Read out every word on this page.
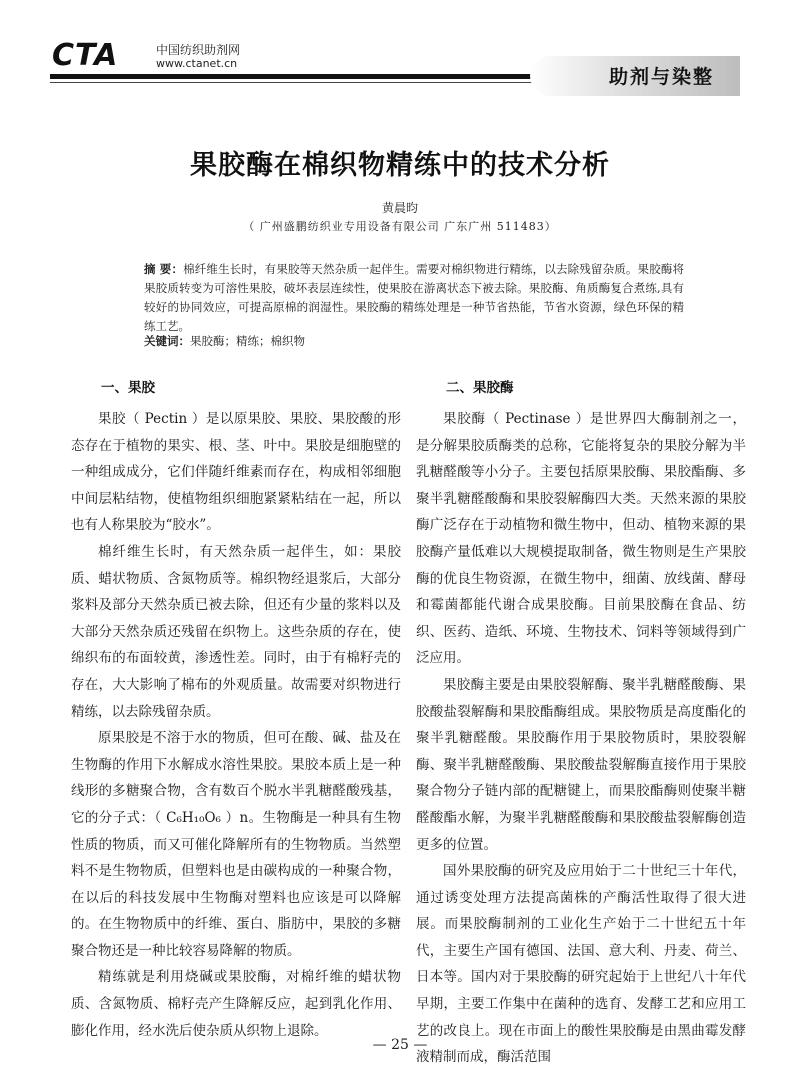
CTA	中国纺织助剂网
www.ctanet.cn
助剂与染整
果胶酶在棉织物精练中的技术分析
黄晨昀
（ 广州盛鹏纺织业专用设备有限公司 广东广州 511483）
摘 要：棉纤维生长时，有果胶等天然杂质一起伴生。需要对棉织物进行精练，以去除残留杂质。果胶酶将果胶质转变为可溶性果胶，破坏表层连续性，使果胶在游离状态下被去除。果胶酶、角质酶复合煮练,具有较好的协同效应，可提高原棉的润湿性。果胶酶的精练处理是一种节省热能，节省水资源，绿色环保的精练工艺。
关键词：果胶酶；精练；棉织物
一、果胶

果胶（ Pectin ）是以原果胶、果胶、果胶酸的形态存在于植物的果实、根、茎、叶中。果胶是细胞壁的一种组成成分，它们伴随纤维素而存在，构成相邻细胞中间层粘结物，使植物组织细胞紧紧粘结在一起，所以也有人称果胶为“胶水”。

棉纤维生长时，有天然杂质一起伴生，如：果胶质、蜡状物质、含氮物质等。棉织物经退浆后，大部分浆料及部分天然杂质已被去除，但还有少量的浆料以及大部分天然杂质还残留在织物上。这些杂质的存在，使绵织布的布面较黄，渗透性差。同时，由于有棉籽壳的存在，大大影响了棉布的外观质量。故需要对织物进行精练，以去除残留杂质。

原果胶是不溶于水的物质，但可在酸、碱、盐及在生物酶的作用下水解成水溶性果胶。果胶本质上是一种线形的多糖聚合物，含有数百个脱水半乳糖醛酸残基，它的分子式：（ C₆H₁₀O₆ ）n。生物酶是一种具有生物性质的物质，而又可催化降解所有的生物物质。当然塑料不是生物物质，但塑料也是由碳构成的一种聚合物，在以后的科技发展中生物酶对塑料也应该是可以降解的。在生物物质中的纤维、蛋白、脂肪中，果胶的多糖聚合物还是一种比较容易降解的物质。

精练就是利用烧碱或果胶酶，对棉纤维的蜡状物质、含氮物质、棉籽壳产生降解反应，起到乳化作用、膨化作用，经水洗后使杂质从织物上退除。

二、果胶酶

果胶酶（ Pectinase ）是世界四大酶制剂之一，是分解果胶质酶类的总称，它能将复杂的果胶分解为半乳糖醛酸等小分子。主要包括原果胶酶、果胶酯酶、多聚半乳糖醛酸酶和果胶裂解酶四大类。天然来源的果胶酶广泛存在于动植物和微生物中，但动、植物来源的果胶酶产量低难以大规模提取制备，微生物则是生产果胶酶的优良生物资源，在微生物中，细菌、放线菌、酵母和霉菌都能代谢合成果胶酶。目前果胶酶在食品、纺织、医药、造纸、环境、生物技术、饲料等领域得到广泛应用。

果胶酶主要是由果胶裂解酶、聚半乳糖醛酸酶、果胶酸盐裂解酶和果胶酯酶组成。果胶物质是高度酯化的聚半乳糖醛酸。果胶酶作用于果胶物质时，果胶裂解酶、聚半乳糖醛酸酶、果胶酸盐裂解酶直接作用于果胶聚合物分子链内部的配糖键上，而果胶酯酶则使聚半糖醛酸酯水解，为聚半乳糖醛酸酶和果胶酸盐裂解酶创造更多的位置。

国外果胶酶的研究及应用始于二十世纪三十年代，通过诱变处理方法提高菌株的产酶活性取得了很大进展。而果胶酶制剂的工业化生产始于二十世纪五十年代，主要生产国有德国、法国、意大利、丹麦、荷兰、日本等。国内对于果胶酶的研究起始于上世纪八十年代早期，主要工作集中在菌种的选育、发酵工艺和应用工艺的改良上。现在市面上的酸性果胶酶是由黑曲霉发酵液精制而成，酶活范围

— 25 —
